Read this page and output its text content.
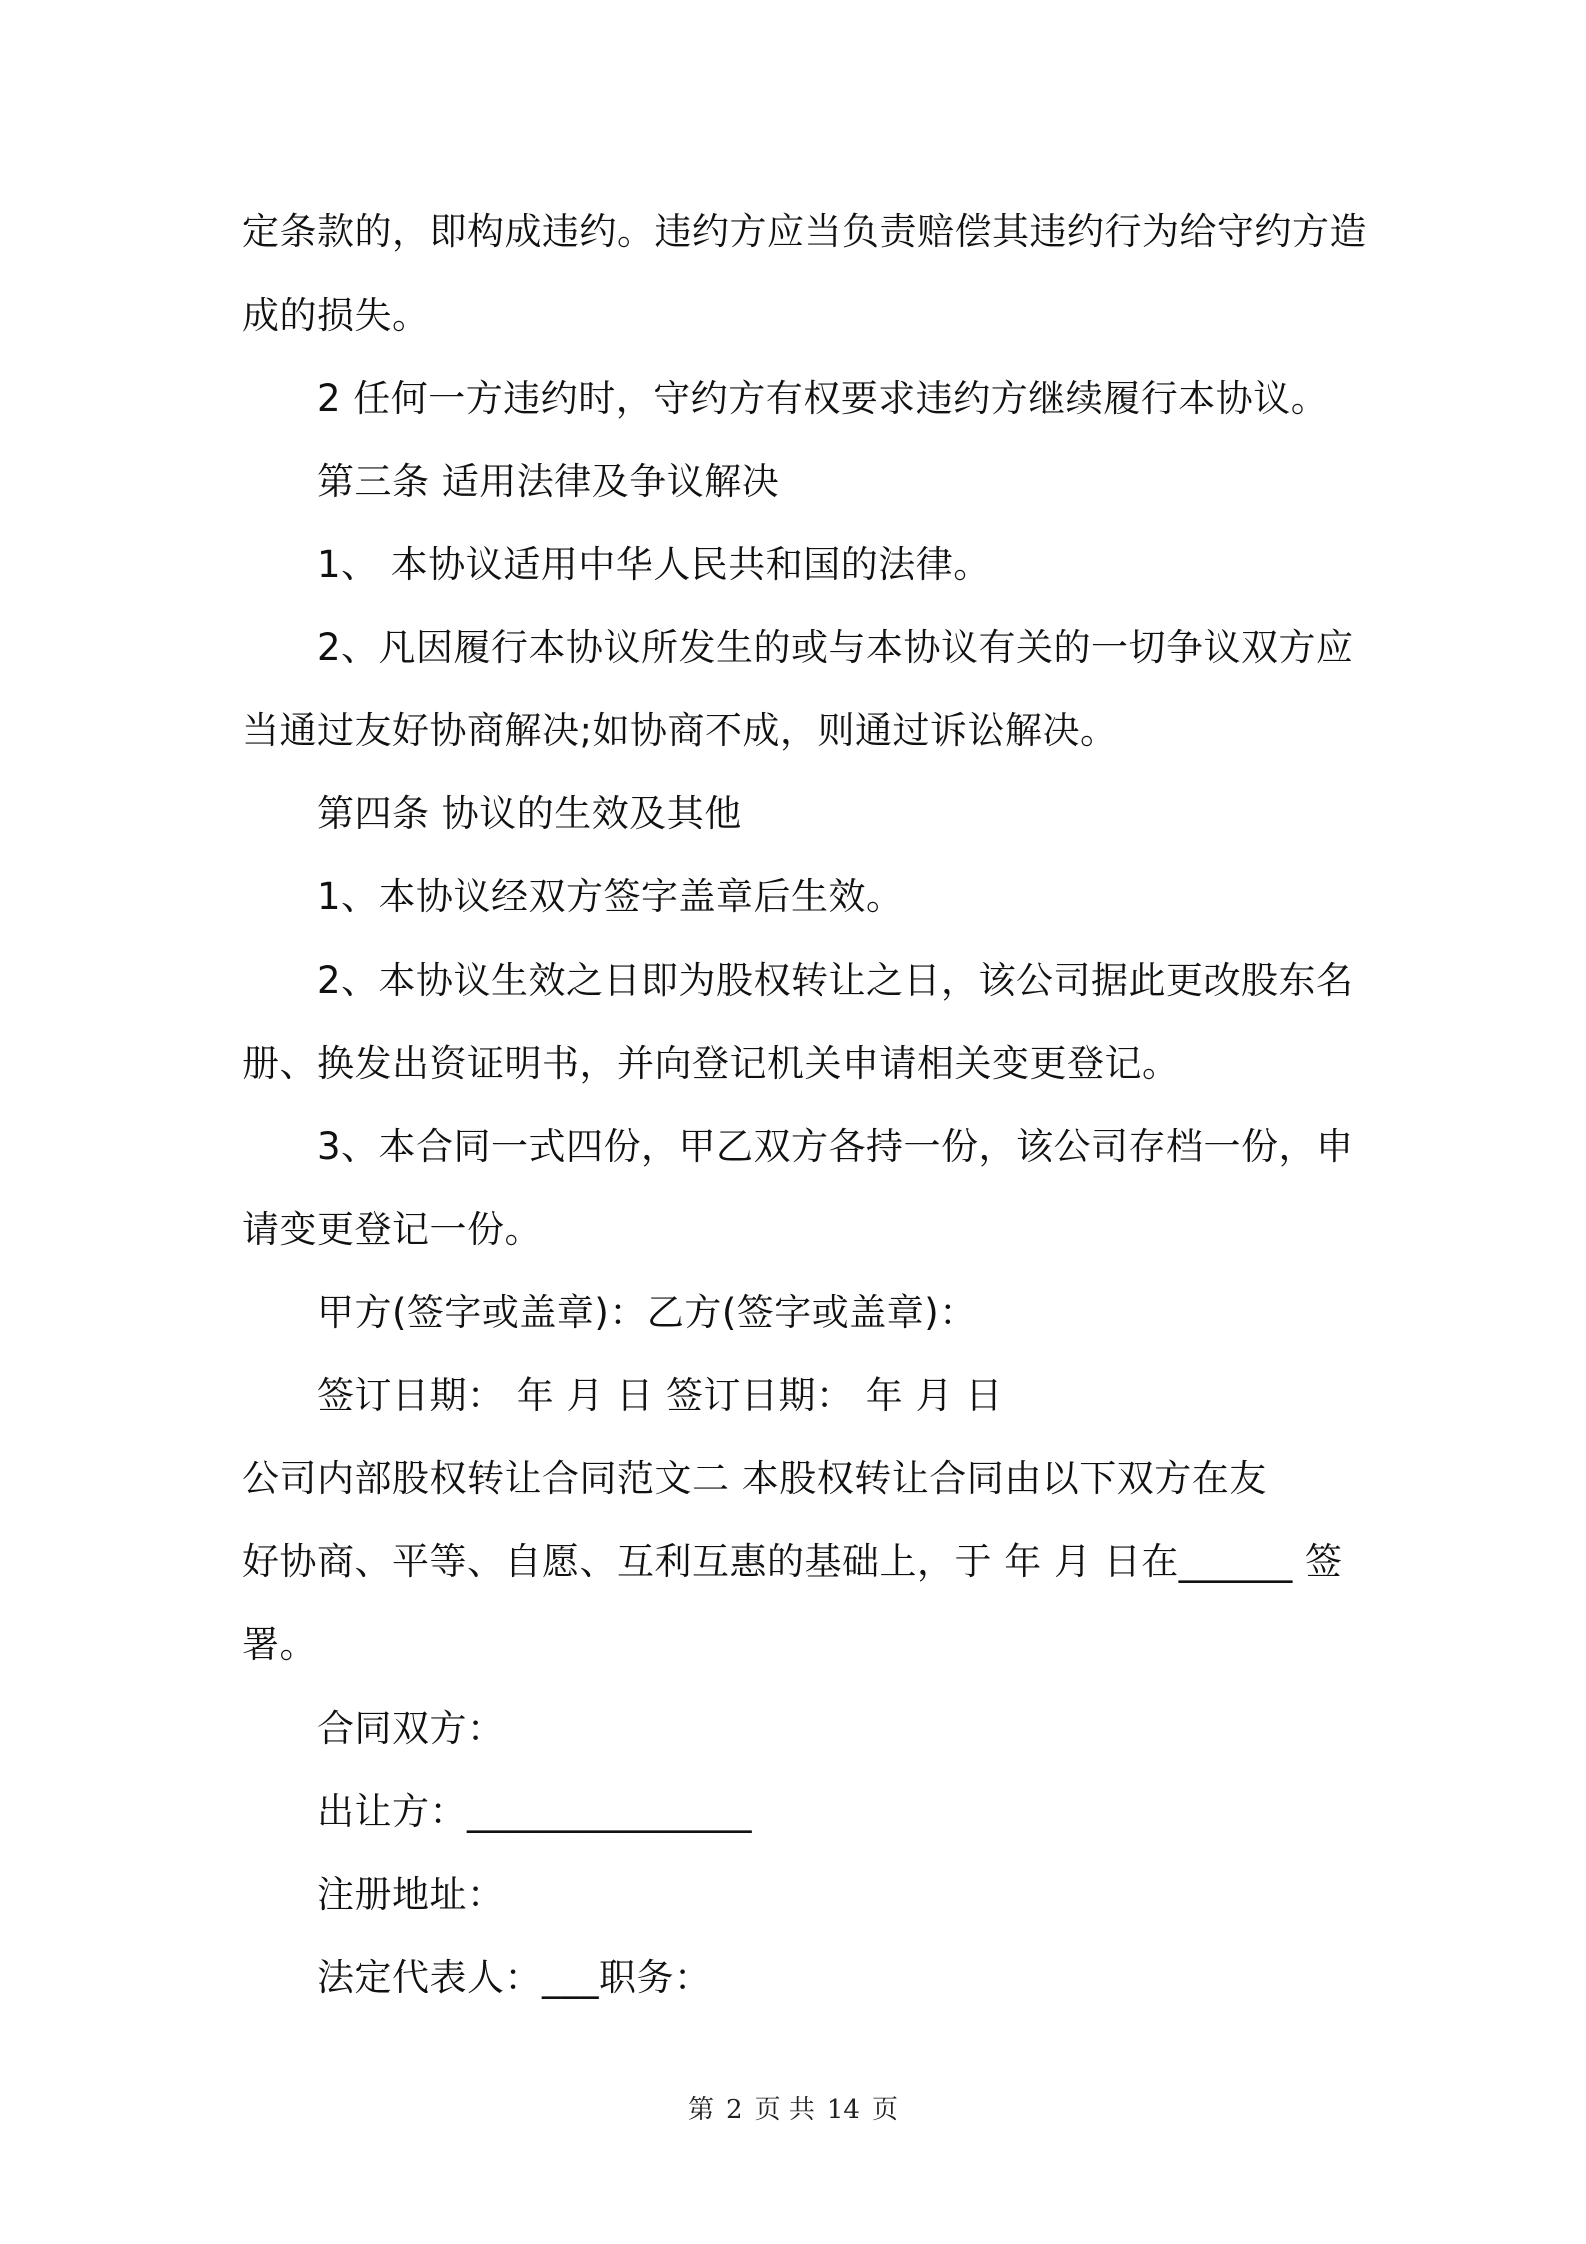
定条款的，即构成违约。违约方应当负责赔偿其违约行为给守约方造
成的损失。
2 任何一方违约时，守约方有权要求违约方继续履行本协议。
第三条 适用法律及争议解决
1、 本协议适用中华人民共和国的法律。
2、凡因履行本协议所发生的或与本协议有关的一切争议双方应
当通过友好协商解决;如协商不成，则通过诉讼解决。
第四条 协议的生效及其他
1、本协议经双方签字盖章后生效。
2、本协议生效之日即为股权转让之日，该公司据此更改股东名
册、换发出资证明书，并向登记机关申请相关变更登记。
3、本合同一式四份，甲乙双方各持一份，该公司存档一份，申
请变更登记一份。
甲方(签字或盖章)：乙方(签字或盖章)：
签订日期： 年 月 日 签订日期： 年 月 日
公司内部股权转让合同范文二 本股权转让合同由以下双方在友
好协商、平等、自愿、互利互惠的基础上，于 年 月 日在______ 签
署。
合同双方：
出让方：_______________
注册地址：
法定代表人：___职务：
第 2 页 共 14 页
